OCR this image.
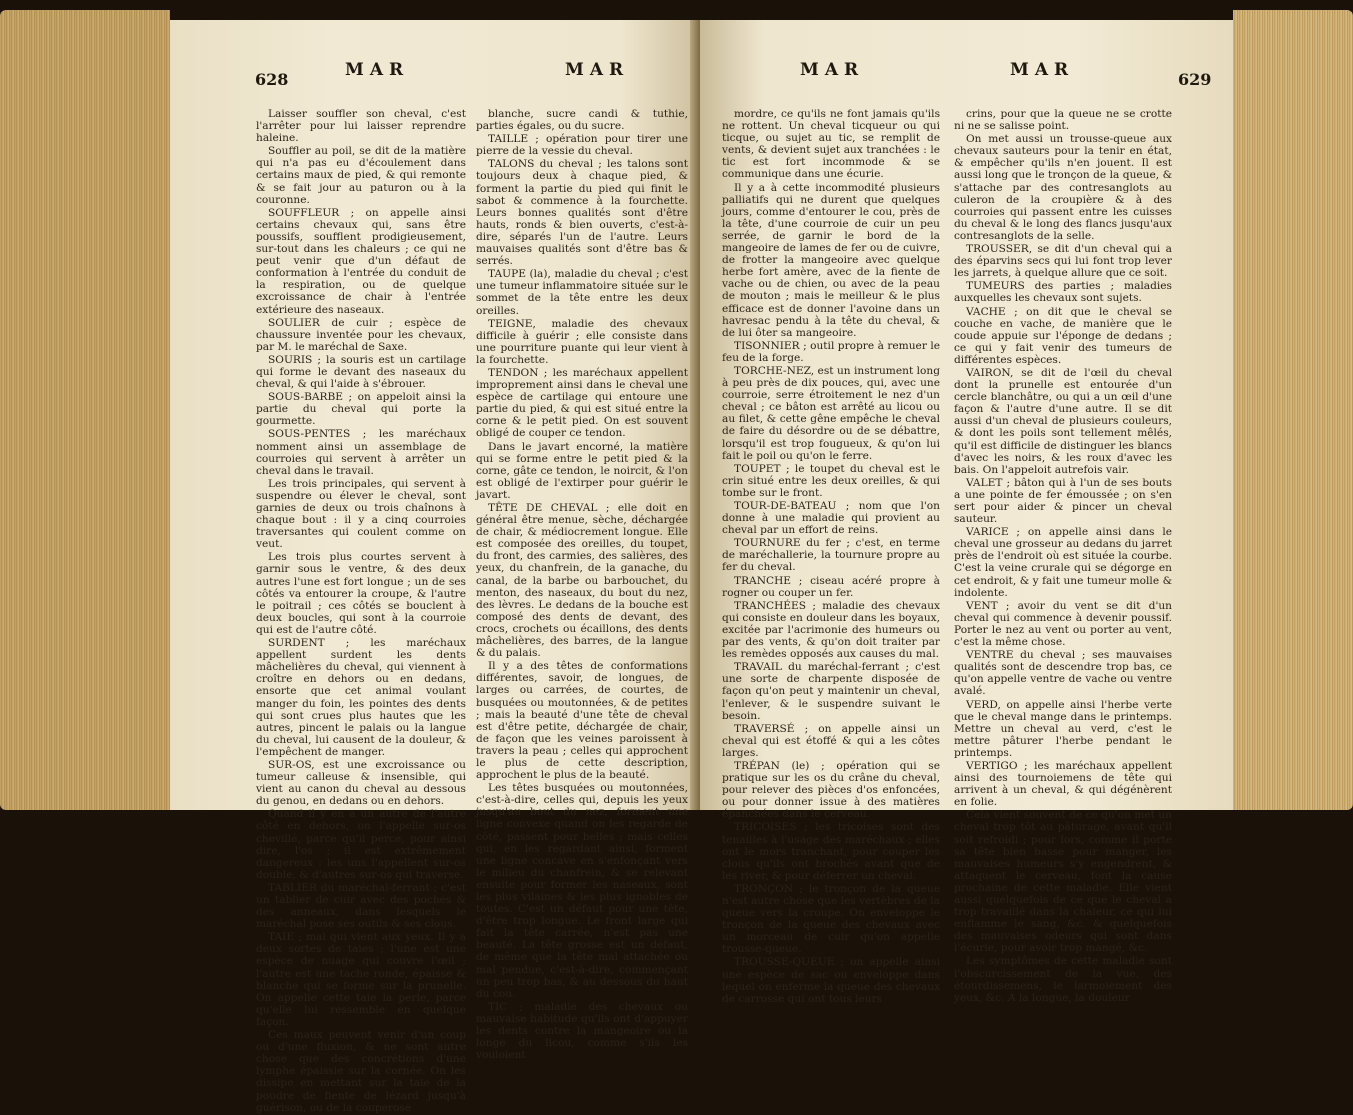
628	MAR	MAR

Laisser souffler son cheval, c'est l'arrêter pour lui laisser reprendre haleine.

Souffler au poil, se dit de la matière qui n'a pas eu d'écoulement dans certains maux de pied, & qui remonte & se fait jour au paturon ou à la couronne.

SOUFFLEUR ; on appelle ainsi certains chevaux qui, sans être poussifs, soufflent prodigieusement, sur-tout dans les chaleurs ; ce qui ne peut venir que d'un défaut de conformation à l'entrée du conduit de la respiration, ou de quelque excroissance de chair à l'entrée extérieure des naseaux.

SOULIER de cuir ; espèce de chaussure inventée pour les chevaux, par M. le maréchal de Saxe.

SOURIS ; la souris est un cartilage qui forme le devant des naseaux du cheval, & qui l'aide à s'ébrouer.

SOUS-BARBE ; on appeloit ainsi la partie du cheval qui porte la gourmette.

SOUS-PENTES ; les maréchaux nomment ainsi un assemblage de courroies qui servent à arrêter un cheval dans le travail.

Les trois principales, qui servent à suspendre ou élever le cheval, sont garnies de deux ou trois chaînons à chaque bout : il y a cinq courroies traversantes qui coulent comme on veut.

Les trois plus courtes servent à garnir sous le ventre, & des deux autres l'une est fort longue ; un de ses côtés va entourer la croupe, & l'autre le poitrail ; ces côtés se bouclent à deux boucles, qui sont à la courroie qui est de l'autre côté.

SURDENT ; les maréchaux appellent surdent les dents mâchelières du cheval, qui viennent à croître en dehors ou en dedans, ensorte que cet animal voulant manger du foin, les pointes des dents qui sont crues plus hautes que les autres, pincent le palais ou la langue du cheval, lui causent de la douleur, & l'empêchent de manger.

SUR-OS, est une excroissance ou tumeur calleuse & insensible, qui vient au canon du cheval au dessous du genou, en dedans ou en dehors.

Quand il y en a un autre de l'autre côté en dehors, on l'appelle sur-os chevillé, parce qu'il perce, pour ainsi dire, l'os ; il est extrêmement dangereux : les uns l'appellent sur-os double, & d'autres sur-os qui traverse.

TABLIER du maréchal-ferrant ; c'est un tablier de cuir avec des poches & des anneaux, dans lesquels le maréchal pose ses outils & ses clous.

TAIE ; mal qui vient aux yeux. Il y a deux sortes de taies ; l'une est une espèce de nuage qui couvre l'œil ; l'autre est une tache ronde, épaisse & blanche qui se forme sur la prunelle. On appelle cette taie la perle, parce qu'elle lui ressemble en quelque façon.

Ces maux peuvent venir d'un coup ou d'une fluxion, & ne sont autre chose que des concrétions d'une lymphe épaissie sur la cornée. On les dissipe en mettant sur la taie de la poudre de fiente de lézard jusqu'à guérison, ou de la couperose

blanche, sucre candi & tuthie, parties égales, ou du sucre.

TAILLE ; opération pour tirer une pierre de la vessie du cheval.

TALONS du cheval ; les talons sont toujours deux à chaque pied, & forment la partie du pied qui finit le sabot & commence à la fourchette. Leurs bonnes qualités sont d'être hauts, ronds & bien ouverts, c'est-à-dire, séparés l'un de l'autre. Leurs mauvaises qualités sont d'être bas & serrés.

TAUPE (la), maladie du cheval ; c'est une tumeur inflammatoire située sur le sommet de la tête entre les deux oreilles.

TEIGNE, maladie des chevaux difficile à guérir ; elle consiste dans une pourriture puante qui leur vient à la fourchette.

TENDON ; les maréchaux appellent improprement ainsi dans le cheval une espèce de cartilage qui entoure une partie du pied, & qui est situé entre la corne & le petit pied. On est souvent obligé de couper ce tendon.

Dans le javart encorné, la matière qui se forme entre le petit pied & la corne, gâte ce tendon, le noircit, & l'on est obligé de l'extirper pour guérir le javart.

TÊTE DE CHEVAL ; elle doit en général être menue, sèche, déchargée de chair, & médiocrement longue. Elle est composée des oreilles, du toupet, du front, des carmies, des salières, des yeux, du chanfrein, de la ganache, du canal, de la barbe ou barbouchet, du menton, des naseaux, du bout du nez, des lèvres. Le dedans de la bouche est composé des dents de devant, des crocs, crochets ou écaillons, des dents mâchelières, des barres, de la langue & du palais.

Il y a des têtes de conformations différentes, savoir, de longues, de larges ou carrées, de courtes, de busquées ou moutonnées, & de petites ; mais la beauté d'une tête de cheval est d'être petite, déchargée de chair, de façon que les veines paroissent à travers la peau ; celles qui approchent le plus de cette description, approchent le plus de la beauté.

Les têtes busquées ou moutonnées, c'est-à-dire, celles qui, depuis les yeux jusqu'au bout du nez, forment une ligne convexe quand on les regarde de côté, passent pour belles ; mais celles qui, en les regardant ainsi, forment une ligne concave en s'enfonçant vers le milieu du chanfrein, & se relevant ensuite pour former les naseaux, sont les plus vilaines & les plus ignobles de toutes. C'est un défaut pour une tête, d'être trop longue. Le front large qui fait la tête carrée, n'est pas une beauté. La tête grosse est un défaut, de même que la tête mal attachée ou mal pendue, c'est-à-dire, commençant un peu trop bas, & au dessous du haut du cou.

TIC ; maladie des chevaux ou mauvaise habitude qu'ils ont d'appuyer les dents contre la mangeoire ou la longe du licou, comme s'ils les vouloient

MAR	MAR	629

mordre, ce qu'ils ne font jamais qu'ils ne rottent. Un cheval ticqueur ou qui ticque, ou sujet au tic, se remplit de vents, & devient sujet aux tranchées : le tic est fort incommode & se communique dans une écurie.

Il y a à cette incommodité plusieurs palliatifs qui ne durent que quelques jours, comme d'entourer le cou, près de la tête, d'une courroie de cuir un peu serrée, de garnir le bord de la mangeoire de lames de fer ou de cuivre, de frotter la mangeoire avec quelque herbe fort amère, avec de la fiente de vache ou de chien, ou avec de la peau de mouton ; mais le meilleur & le plus efficace est de donner l'avoine dans un havresac pendu à la tête du cheval, & de lui ôter sa mangeoire.

TISONNIER ; outil propre à remuer le feu de la forge.

TORCHE-NEZ, est un instrument long à peu près de dix pouces, qui, avec une courroie, serre étroitement le nez d'un cheval ; ce bâton est arrêté au licou ou au filet, & cette gêne empêche le cheval de faire du désordre ou de se débattre, lorsqu'il est trop fougueux, & qu'on lui fait le poil ou qu'on le ferre.

TOUPET ; le toupet du cheval est le crin situé entre les deux oreilles, & qui tombe sur le front.

TOUR-DE-BATEAU ; nom que l'on donne à une maladie qui provient au cheval par un effort de reins.

TOURNURE du fer ; c'est, en terme de maréchallerie, la tournure propre au fer du cheval.

TRANCHE ; ciseau acéré propre à rogner ou couper un fer.

TRANCHÉES ; maladie des chevaux qui consiste en douleur dans les boyaux, excitée par l'acrimonie des humeurs ou par des vents, & qu'on doit traiter par les remèdes opposés aux causes du mal.

TRAVAIL du maréchal-ferrant ; c'est une sorte de charpente disposée de façon qu'on peut y maintenir un cheval, l'enlever, & le suspendre suivant le besoin.

TRAVERSÉ ; on appelle ainsi un cheval qui est étoffé & qui a les côtes larges.

TRÉPAN (le) ; opération qui se pratique sur les os du crâne du cheval, pour relever des pièces d'os enfoncées, ou pour donner issue à des matières épanchées dans le cerveau.

TRICOISES ; les tricoises sont des tenailles à l'usage des maréchaux ; elles ont le mors tranchant, pour couper les clous qu'ils ont brochés avant que de les river, & pour déferrer un cheval.

TRONÇON ; le tronçon de la queue n'est autre chose que les vertèbres de la queue vers la croupe. On enveloppe le tronçon de la queue des chevaux avec un morceau de cuir qu'on appelle trousse-queue.

TROUSSE-QUEUE ; on appelle ainsi une espèce de sac ou enveloppe dans lequel on enferme la queue des chevaux de carrosse qui ont tous leurs

crins, pour que la queue ne se crotte ni ne se salisse point.

On met aussi un trousse-queue aux chevaux sauteurs pour la tenir en état, & empêcher qu'ils n'en jouent. Il est aussi long que le tronçon de la queue, & s'attache par des contresanglots au culeron de la croupière & à des courroies qui passent entre les cuisses du cheval & le long des flancs jusqu'aux contresanglots de la selle.

TROUSSER, se dit d'un cheval qui a des éparvins secs qui lui font trop lever les jarrets, à quelque allure que ce soit.

TUMEURS des parties ; maladies auxquelles les chevaux sont sujets.

VACHE ; on dit que le cheval se couche en vache, de manière que le coude appuie sur l'éponge de dedans ; ce qui y fait venir des tumeurs de différentes espèces.

VAIRON, se dit de l'œil du cheval dont la prunelle est entourée d'un cercle blanchâtre, ou qui a un œil d'une façon & l'autre d'une autre. Il se dit aussi d'un cheval de plusieurs couleurs, & dont les poils sont tellement mêlés, qu'il est difficile de distinguer les blancs d'avec les noirs, & les roux d'avec les bais. On l'appeloit autrefois vair.

VALET ; bâton qui à l'un de ses bouts a une pointe de fer émoussée ; on s'en sert pour aider & pincer un cheval sauteur.

VARICE ; on appelle ainsi dans le cheval une grosseur au dedans du jarret près de l'endroit où est située la courbe. C'est la veine crurale qui se dégorge en cet endroit, & y fait une tumeur molle & indolente.

VENT ; avoir du vent se dit d'un cheval qui commence à devenir poussif. Porter le nez au vent ou porter au vent, c'est la même chose.

VENTRE du cheval ; ses mauvaises qualités sont de descendre trop bas, ce qu'on appelle ventre de vache ou ventre avalé.

VERD, on appelle ainsi l'herbe verte que le cheval mange dans le printemps. Mettre un cheval au verd, c'est le mettre pâturer l'herbe pendant le printemps.

VERTIGO ; les maréchaux appellent ainsi des tournoiemens de tête qui arrivent à un cheval, & qui dégénèrent en folie.

Cela vient souvent de ce qu'on met un cheval trop tôt au pâturage, avant qu'il soit refroidi ; pour lors, comme il porte sa tête bien basse pour manger, les mauvaises humeurs s'y engendrent, & attaquent le cerveau, font la cause prochaine de cette maladie. Elle vient aussi quelquefois de ce que le cheval a trop travaillé dans la chaleur, ce qui lui enflamme le sang, &c. & quelquefois des mauvaises odeurs qui sont dans l'écurie, pour avoir trop mangé, &c.

Les symptômes de cette maladie sont l'obscurcissement de la vue, des étourdissemens, le larmoiement des yeux, &c. A la longue, la douleur
